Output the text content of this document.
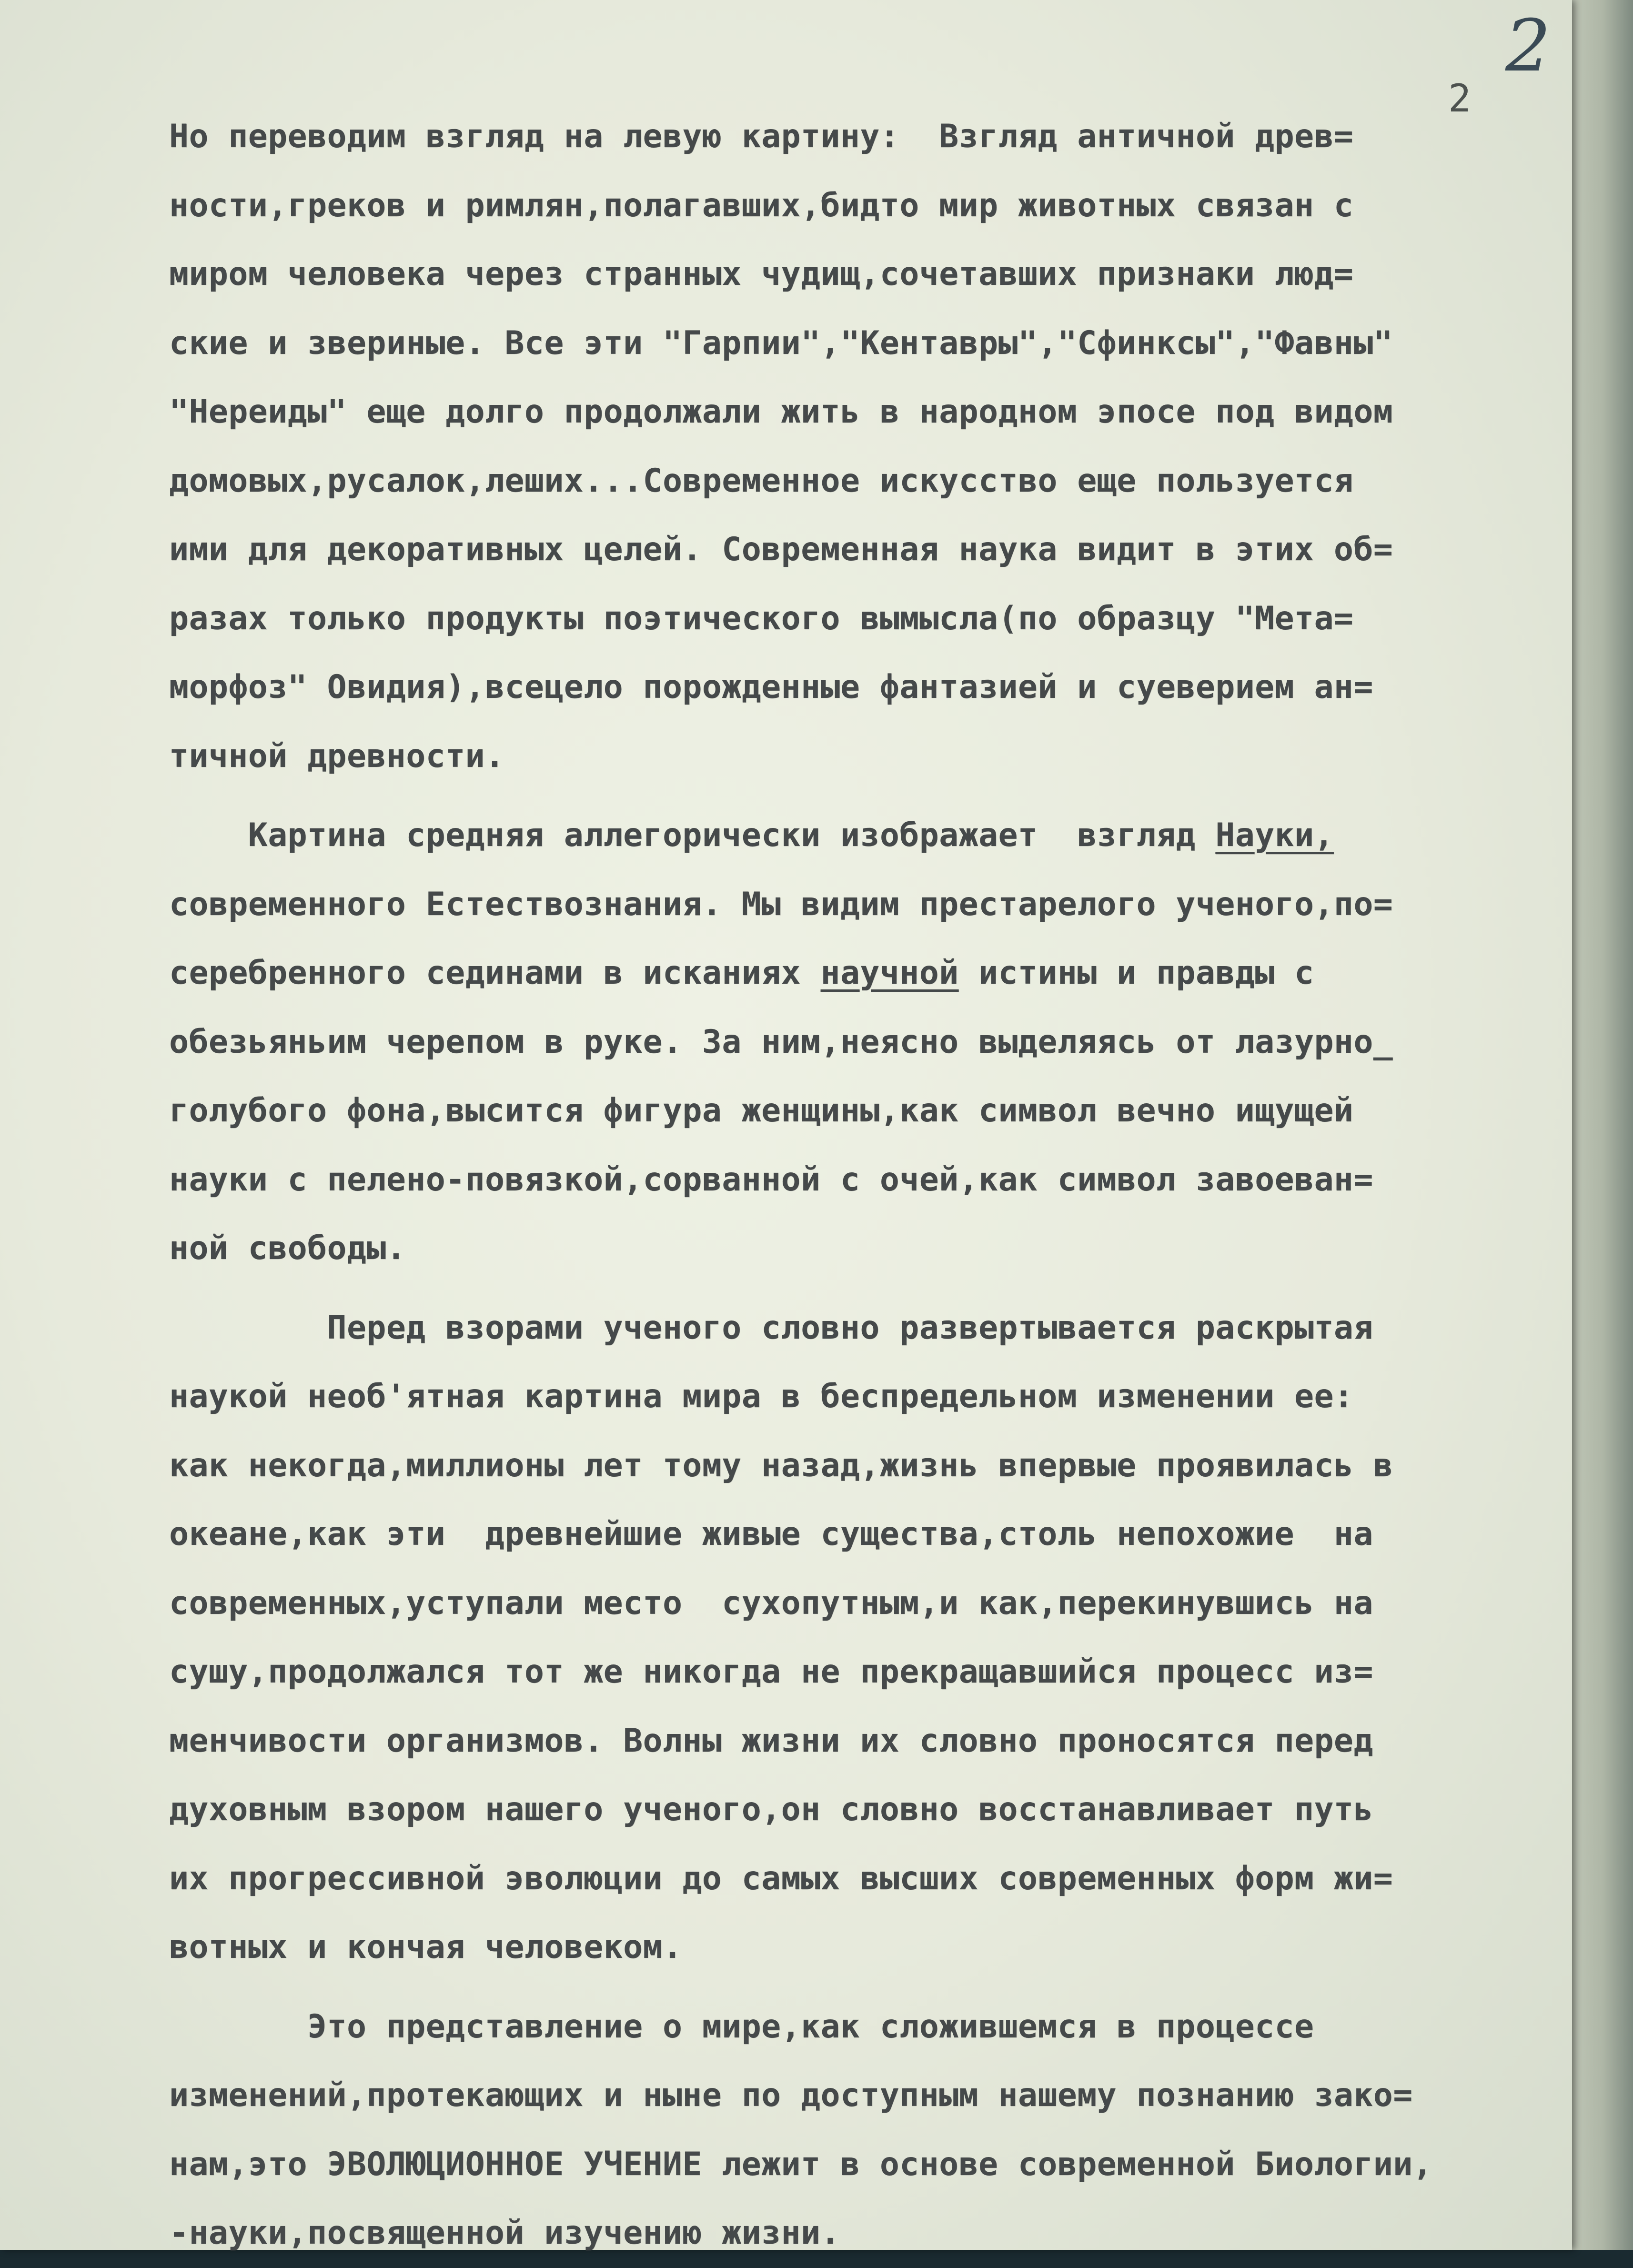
2
2
Но переводим взгляд на левую картину:  Взгляд античной древ=
ности,греков и римлян,полагавших,бидто мир животных связан с
миром человека через странных чудищ,сочетавших признаки люд=
ские и звериные. Все эти "Гарпии","Кентавры","Сфинксы","Фавны"
"Нереиды" еще долго продолжали жить в народном эпосе под видом
домовых,русалок,леших...Современное искусство еще пользуется
ими для декоративных целей. Современная наука видит в этих об=
разах только продукты поэтического вымысла(по образцу "Мета=
морфоз" Овидия),всецело порожденные фантазией и суеверием ан=
тичной древности.
Картина средняя аллегорически изображает  взгляд Науки,
современного Естествознания. Мы видим престарелого ученого,по=
серебренного сединами в исканиях научной истины и правды с
обезьяньим черепом в руке. За ним,неясно выделяясь от лазурно_
голубого фона,высится фигура женщины,как символ вечно ищущей
науки с пелено-повязкой,сорванной с очей,как символ завоеван=
ной свободы.
Перед взорами ученого словно развертывается раскрытая
наукой необ'ятная картина мира в беспредельном изменении ее:
как некогда,миллионы лет тому назад,жизнь впервые проявилась в
океане,как эти  древнейшие живые существа,столь непохожие  на
современных,уступали место  сухопутным,и как,перекинувшись на
сушу,продолжался тот же никогда не прекращавшийся процесс из=
менчивости организмов. Волны жизни их словно проносятся перед
духовным взором нашего ученого,он словно восстанавливает путь
их прогрессивной эволюции до самых высших современных форм жи=
вотных и кончая человеком.
Это представление о мире,как сложившемся в процессе
изменений,протекающих и ныне по доступным нашему познанию зако=
нам,это ЭВОЛЮЦИОННОЕ УЧЕНИЕ лежит в основе современной Биологии,
-науки,посвященной изучению жизни.
